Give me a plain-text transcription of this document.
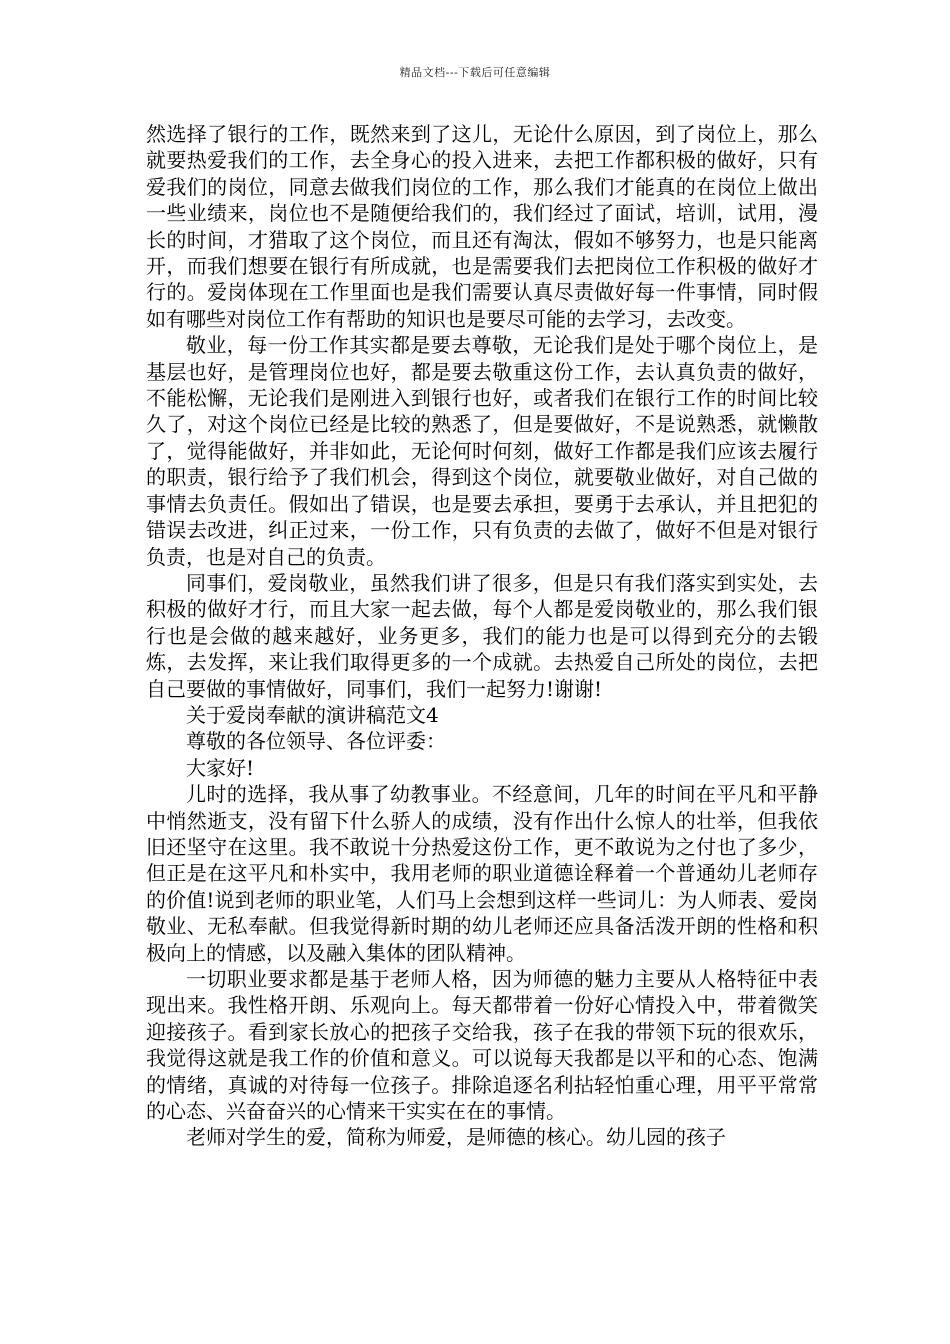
精品文档---下载后可任意编辑

然选择了银行的工作，既然来到了这儿，无论什么原因，到了岗位上，那么就要热爱我们的工作，去全身心的投入进来，去把工作都积极的做好，只有爱我们的岗位，同意去做我们岗位的工作，那么我们才能真的在岗位上做出一些业绩来，岗位也不是随便给我们的，我们经过了面试，培训，试用，漫长的时间，才猎取了这个岗位，而且还有淘汰，假如不够努力，也是只能离开，而我们想要在银行有所成就，也是需要我们去把岗位工作积极的做好才行的。爱岗体现在工作里面也是我们需要认真尽责做好每一件事情，同时假如有哪些对岗位工作有帮助的知识也是要尽可能的去学习，去改变。

敬业，每一份工作其实都是要去尊敬，无论我们是处于哪个岗位上，是基层也好，是管理岗位也好，都是要去敬重这份工作，去认真负责的做好，不能松懈，无论我们是刚进入到银行也好，或者我们在银行工作的时间比较久了，对这个岗位已经是比较的熟悉了，但是要做好，不是说熟悉，就懒散了，觉得能做好，并非如此，无论何时何刻，做好工作都是我们应该去履行的职责，银行给予了我们机会，得到这个岗位，就要敬业做好，对自己做的事情去负责任。假如出了错误，也是要去承担，要勇于去承认，并且把犯的错误去改进，纠正过来，一份工作，只有负责的去做了，做好不但是对银行负责，也是对自己的负责。

同事们，爱岗敬业，虽然我们讲了很多，但是只有我们落实到实处，去积极的做好才行，而且大家一起去做，每个人都是爱岗敬业的，那么我们银行也是会做的越来越好，业务更多，我们的能力也是可以得到充分的去锻炼，去发挥，来让我们取得更多的一个成就。去热爱自己所处的岗位，去把自己要做的事情做好，同事们，我们一起努力!谢谢!

关于爱岗奉献的演讲稿范文4

尊敬的各位领导、各位评委：

大家好!

儿时的选择，我从事了幼教事业。不经意间，几年的时间在平凡和平静中悄然逝支，没有留下什么骄人的成绩，没有作出什么惊人的壮举，但我依旧还坚守在这里。我不敢说十分热爱这份工作，更不敢说为之付也了多少，但正是在这平凡和朴实中，我用老师的职业道德诠释着一个普通幼儿老师存的价值!说到老师的职业笔，人们马上会想到这样一些词儿：为人师表、爱岗敬业、无私奉献。但我觉得新时期的幼儿老师还应具备活泼开朗的性格和积极向上的情感，以及融入集体的团队精神。

一切职业要求都是基于老师人格，因为师德的魅力主要从人格特征中表现出来。我性格开朗、乐观向上。每天都带着一份好心情投入中，带着微笑迎接孩子。看到家长放心的把孩子交给我，孩子在我的带领下玩的很欢乐，我觉得这就是我工作的价值和意义。可以说每天我都是以平和的心态、饱满的情绪，真诚的对待每一位孩子。排除追逐名利拈轻怕重心理，用平平常常的心态、兴奋奋兴的心情来干实实在在的事情。

老师对学生的爱，简称为师爱，是师德的核心。幼儿园的孩子
